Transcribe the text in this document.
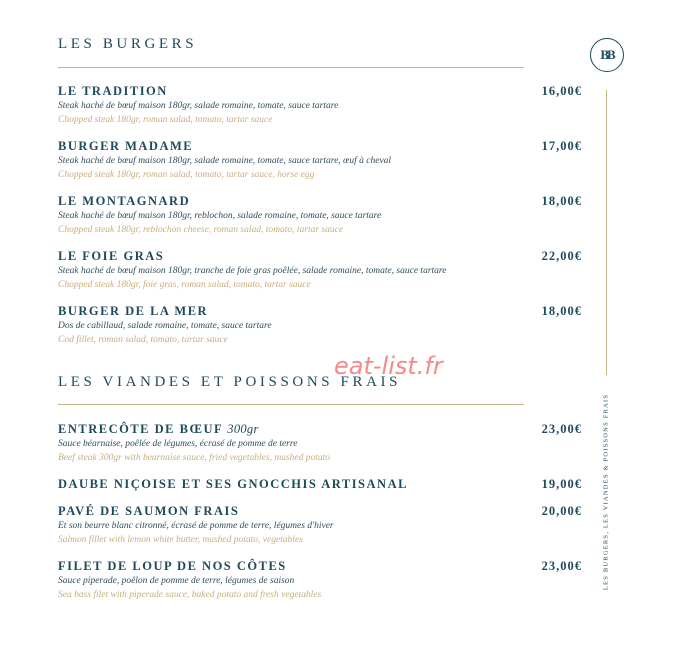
LES BURGERS
LE TRADITION	16,00€
Steak haché de bœuf maison 180gr, salade romaine, tomate, sauce tartare
Chopped steak 180gr, roman salad, tomato, tartar sauce
BURGER MADAME	17,00€
Steak haché de bœuf maison 180gr, salade romaine, tomate, sauce tartare, œuf à cheval
Chopped steak 180gr, roman salad, tomato, tartar sauce, horse egg
LE MONTAGNARD	18,00€
Steak haché de bœuf maison 180gr, reblochon, salade romaine, tomate, sauce tartare
Chopped steak 180gr, reblochon cheese, roman salad, tomato, tartar sauce
LE FOIE GRAS	22,00€
Steak haché de bœuf maison 180gr, tranche de foie gras poêlée, salade romaine, tomate, sauce tartare
Chopped steak 180gr, foie gras, roman salad, tomato, tartar sauce
BURGER DE LA MER	18,00€
Dos de cabillaud, salade romaine, tomate, sauce tartare
Cod fillet, roman salad, tomato, tartar sauce
LES VIANDES ET POISSONS FRAIS
ENTRECÔTE DE BŒUF 300gr	23,00€
Sauce béarnaise, poêlée de légumes, écrasé de pomme de terre
Beef steak 300gr with bearnaise sauce, fried vegetables, mashed potato
DAUBE NIÇOISE ET SES GNOCCHIS ARTISANAL	19,00€
PAVÉ DE SAUMON FRAIS	20,00€
Et son beurre blanc citronné, écrasé de pomme de terre, légumes d'hiver
Salmon fillet with lemon white butter, mashed potato, vegetables
FILET DE LOUP DE NOS CÔTES	23,00€
Sauce piperade, poêlon de pomme de terre, légumes de saison
Sea bass filet with piperade sauce, baked potato and fresh vegetables
BB
LES BURGERS, LES VIANDES & POISSONS FRAIS
eat-list.fr
